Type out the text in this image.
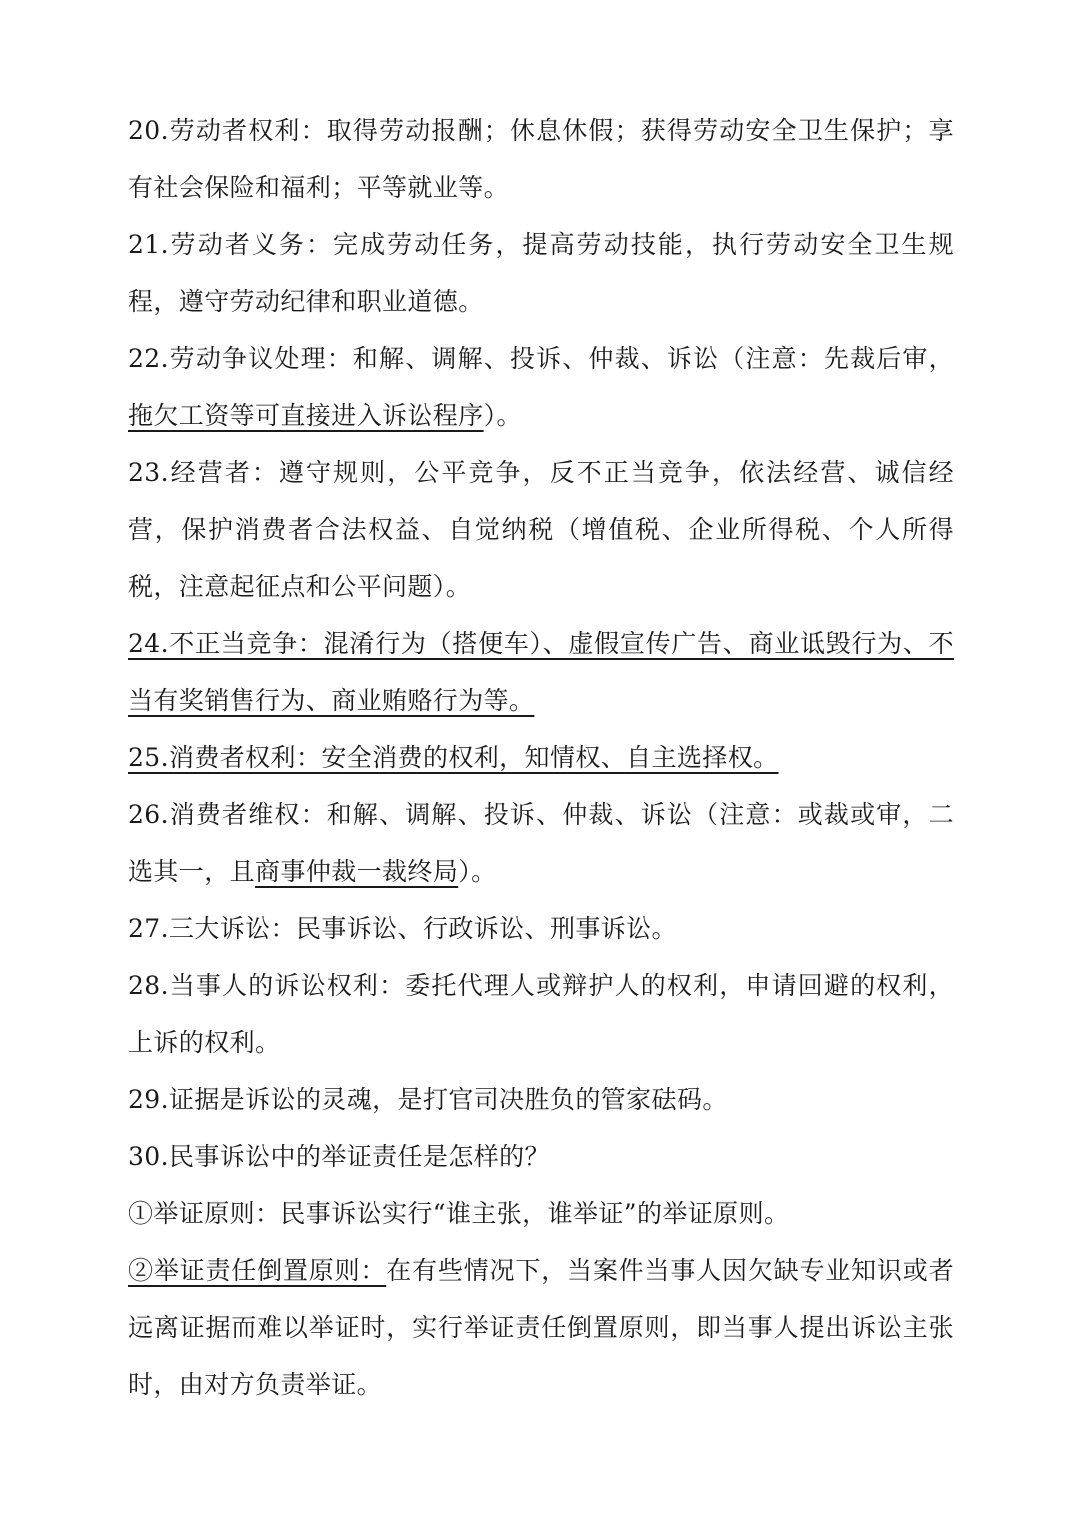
20.劳动者权利：取得劳动报酬；休息休假；获得劳动安全卫生保护；享有社会保险和福利；平等就业等。

21.劳动者义务：完成劳动任务，提高劳动技能，执行劳动安全卫生规程，遵守劳动纪律和职业道德。

22.劳动争议处理：和解、调解、投诉、仲裁、诉讼（注意：先裁后审，拖欠工资等可直接进入诉讼程序）。

23.经营者：遵守规则，公平竞争，反不正当竞争，依法经营、诚信经营，保护消费者合法权益、自觉纳税（增值税、企业所得税、个人所得税，注意起征点和公平问题）。

24.不正当竞争：混淆行为（搭便车）、虚假宣传广告、商业诋毁行为、不当有奖销售行为、商业贿赂行为等。

25.消费者权利：安全消费的权利，知情权、自主选择权。

26.消费者维权：和解、调解、投诉、仲裁、诉讼（注意：或裁或审，二选其一，且商事仲裁一裁终局）。

27.三大诉讼：民事诉讼、行政诉讼、刑事诉讼。

28.当事人的诉讼权利：委托代理人或辩护人的权利，申请回避的权利，上诉的权利。

29.证据是诉讼的灵魂，是打官司决胜负的管家砝码。

30.民事诉讼中的举证责任是怎样的？

①举证原则：民事诉讼实行“谁主张，谁举证”的举证原则。

②举证责任倒置原则：在有些情况下，当案件当事人因欠缺专业知识或者远离证据而难以举证时，实行举证责任倒置原则，即当事人提出诉讼主张时，由对方负责举证。
